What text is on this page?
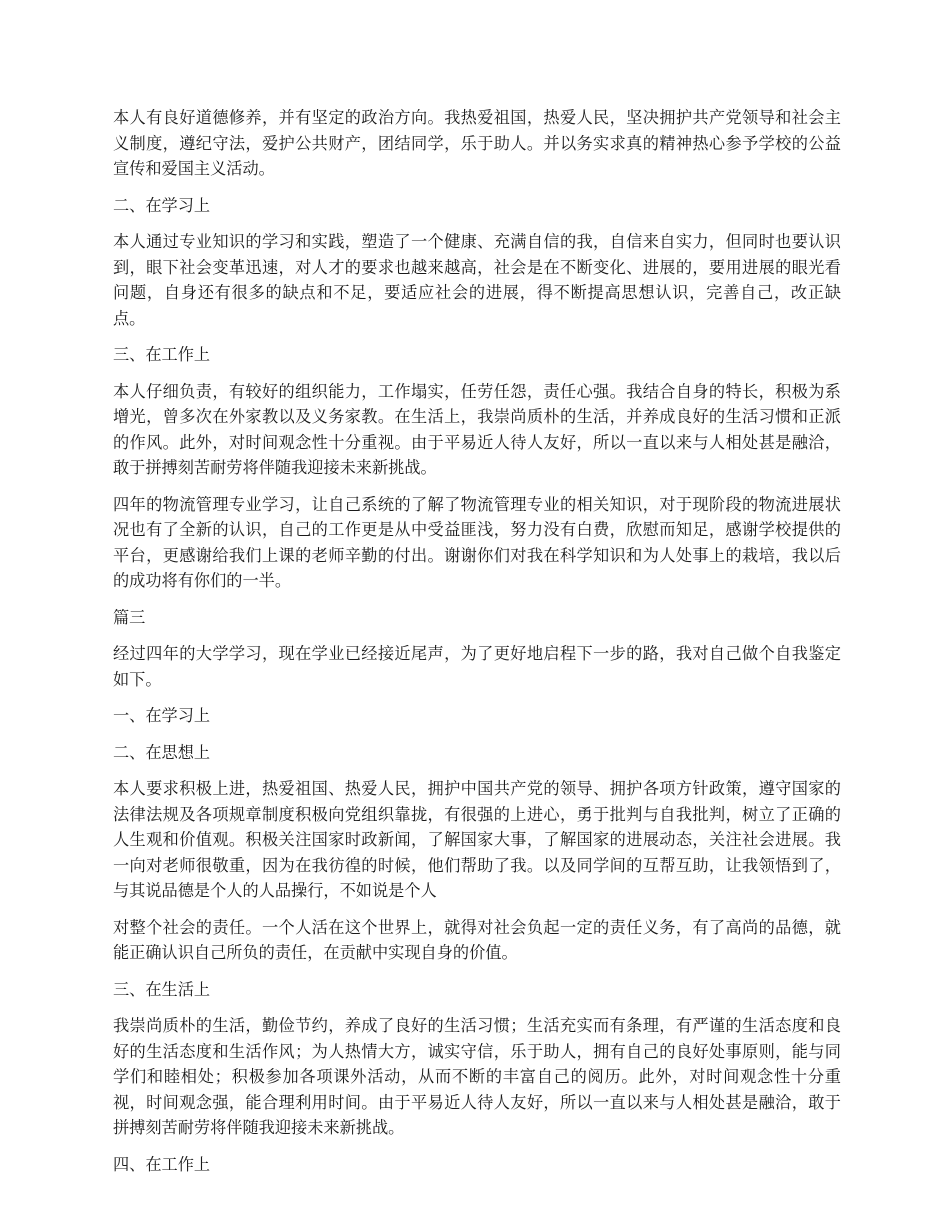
本人有良好道德修养，并有坚定的政治方向。我热爱祖国，热爱人民，坚决拥护共产党领导和社会主义制度，遵纪守法，爱护公共财产，团结同学，乐于助人。并以务实求真的精神热心参予学校的公益宣传和爱国主义活动。

二、在学习上

本人通过专业知识的学习和实践，塑造了一个健康、充满自信的我，自信来自实力，但同时也要认识到，眼下社会变革迅速，对人才的要求也越来越高，社会是在不断变化、进展的，要用进展的眼光看问题，自身还有很多的缺点和不足，要适应社会的进展，得不断提高思想认识，完善自己，改正缺点。

三、在工作上

本人仔细负责，有较好的组织能力，工作塌实，任劳任怨，责任心强。我结合自身的特长，积极为系增光，曾多次在外家教以及义务家教。在生活上，我崇尚质朴的生活，并养成良好的生活习惯和正派的作风。此外，对时间观念性十分重视。由于平易近人待人友好，所以一直以来与人相处甚是融洽，敢于拼搏刻苦耐劳将伴随我迎接未来新挑战。

四年的物流管理专业学习，让自己系统的了解了物流管理专业的相关知识，对于现阶段的物流进展状况也有了全新的认识，自己的工作更是从中受益匪浅，努力没有白费，欣慰而知足，感谢学校提供的平台，更感谢给我们上课的老师辛勤的付出。谢谢你们对我在科学知识和为人处事上的栽培，我以后的成功将有你们的一半。

篇三

经过四年的大学学习，现在学业已经接近尾声，为了更好地启程下一步的路，我对自己做个自我鉴定如下。

一、在学习上

二、在思想上

本人要求积极上进，热爱祖国、热爱人民，拥护中国共产党的领导、拥护各项方针政策，遵守国家的法律法规及各项规章制度积极向党组织靠拢，有很强的上进心，勇于批判与自我批判，树立了正确的人生观和价值观。积极关注国家时政新闻，了解国家大事，了解国家的进展动态，关注社会进展。我一向对老师很敬重，因为在我彷徨的时候，他们帮助了我。以及同学间的互帮互助，让我领悟到了，与其说品德是个人的人品操行，不如说是个人

对整个社会的责任。一个人活在这个世界上，就得对社会负起一定的责任义务，有了高尚的品德，就能正确认识自己所负的责任，在贡献中实现自身的价值。

三、在生活上

我崇尚质朴的生活，勤俭节约，养成了良好的生活习惯；生活充实而有条理，有严谨的生活态度和良好的生活态度和生活作风；为人热情大方，诚实守信，乐于助人，拥有自己的良好处事原则，能与同学们和睦相处；积极参加各项课外活动，从而不断的丰富自己的阅历。此外，对时间观念性十分重视，时间观念强，能合理利用时间。由于平易近人待人友好，所以一直以来与人相处甚是融洽，敢于拼搏刻苦耐劳将伴随我迎接未来新挑战。

四、在工作上
